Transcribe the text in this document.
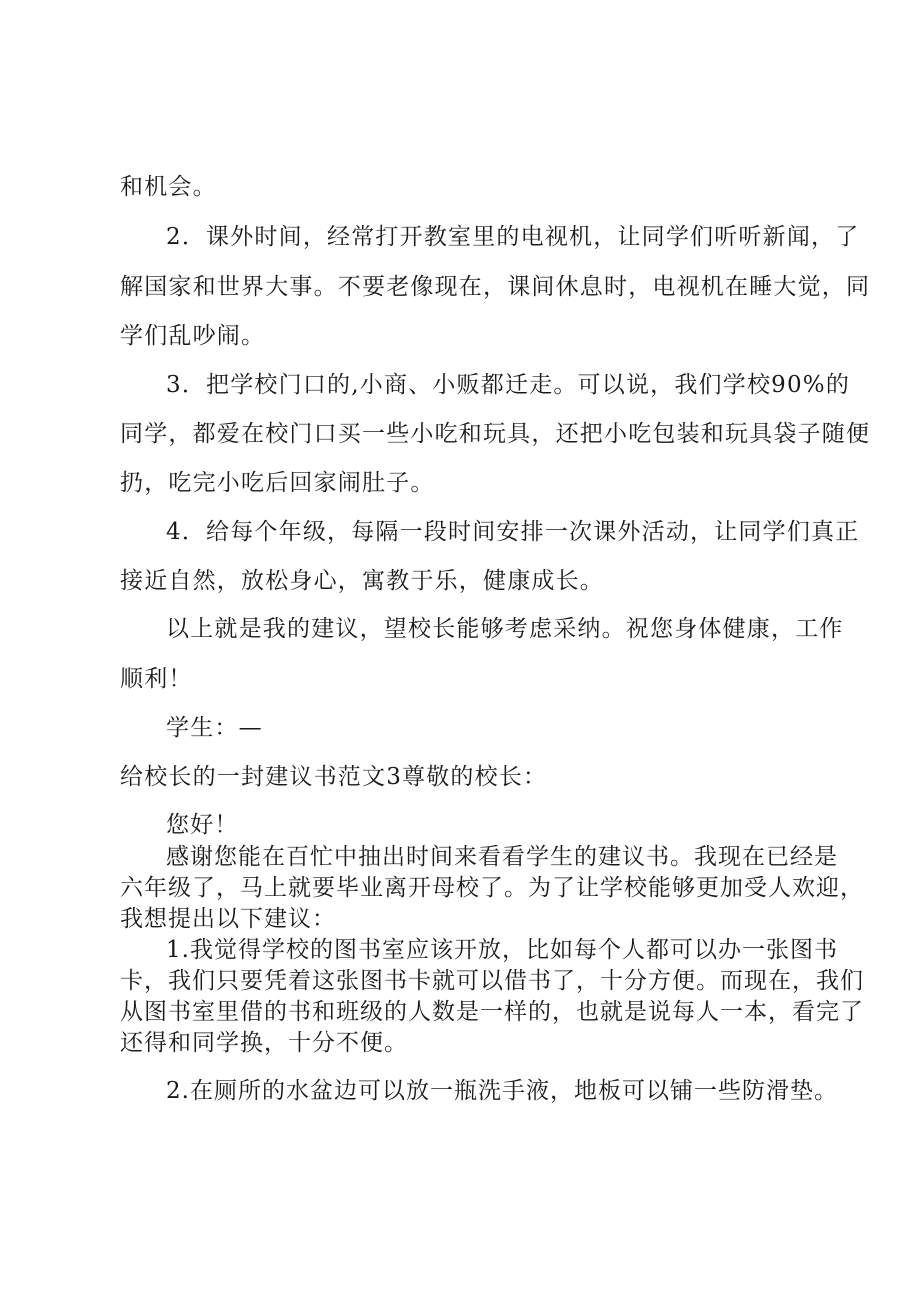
和机会。

2．课外时间，经常打开教室里的电视机，让同学们听听新闻，了

解国家和世界大事。不要老像现在，课间休息时，电视机在睡大觉，同

学们乱吵闹。

3．把学校门口的,小商、小贩都迁走。可以说，我们学校90%的

同学，都爱在校门口买一些小吃和玩具，还把小吃包装和玩具袋子随便

扔，吃完小吃后回家闹肚子。

4．给每个年级，每隔一段时间安排一次课外活动，让同学们真正

接近自然，放松身心，寓教于乐，健康成长。

以上就是我的建议，望校长能够考虑采纳。祝您身体健康，工作

顺利！

学生：—

给校长的一封建议书范文3尊敬的校长：

您好！

感谢您能在百忙中抽出时间来看看学生的建议书。我现在已经是

六年级了，马上就要毕业离开母校了。为了让学校能够更加受人欢迎，

我想提出以下建议：

1.我觉得学校的图书室应该开放，比如每个人都可以办一张图书

卡，我们只要凭着这张图书卡就可以借书了，十分方便。而现在，我们

从图书室里借的书和班级的人数是一样的，也就是说每人一本，看完了

还得和同学换，十分不便。

2.在厕所的水盆边可以放一瓶洗手液，地板可以铺一些防滑垫。
